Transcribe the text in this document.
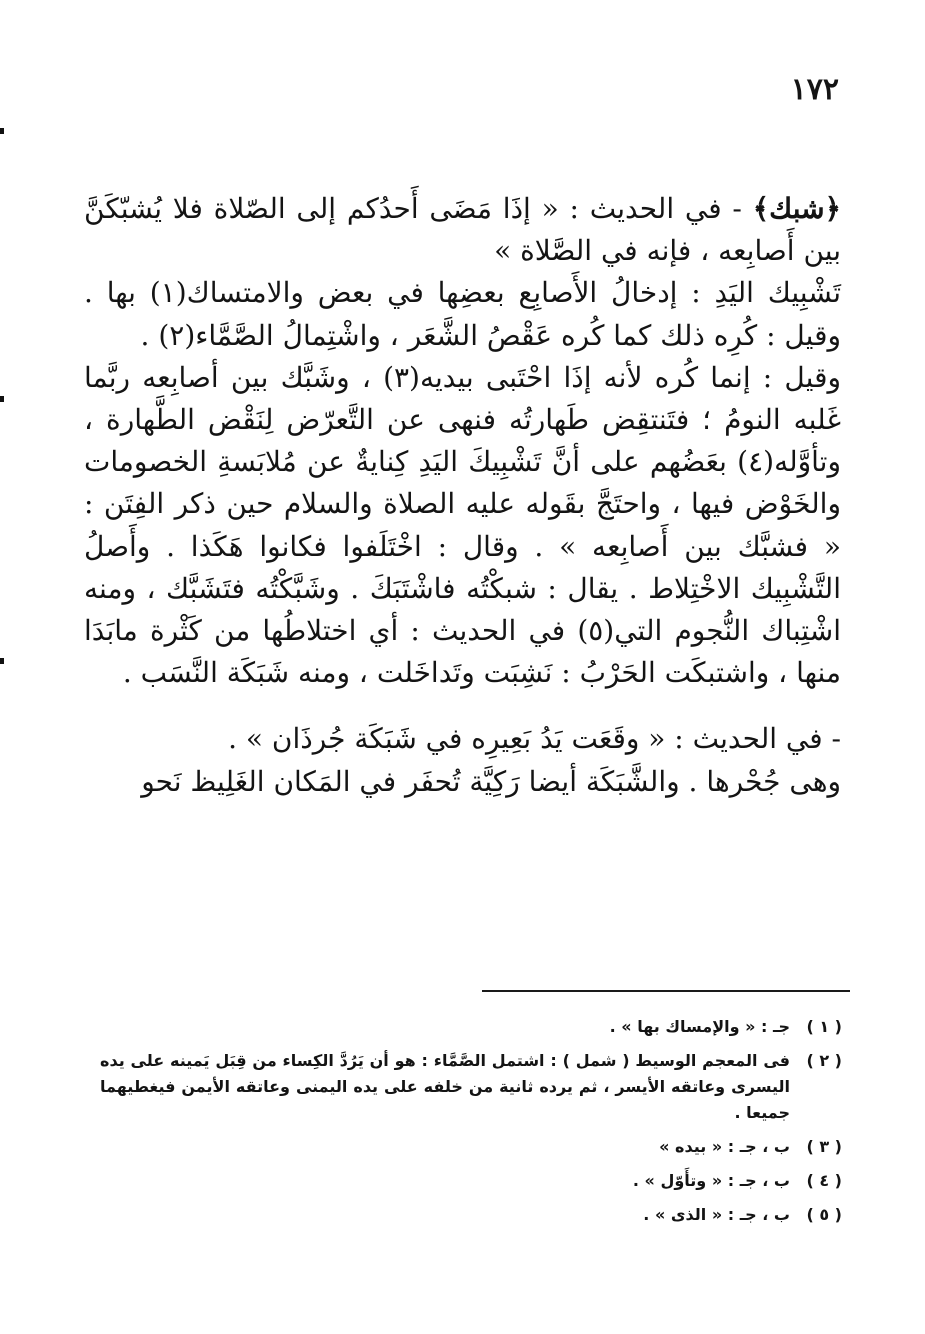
١٧٢

﴿شبك﴾ - في الحديث : « إذَا مَضَى أَحدُكم إلى الصّلاة فلا يُشبّكَنَّ بين أَصابِعه ، فإنه في الصَّلاة »

تَشْبِيك اليَدِ : إدخالُ الأَصابِع بعضِها في بعض والامتساك(١) بها . وقيل : كُرِه ذلك كما كُره عَقْصُ الشَّعَر ، واشْتِمالُ الصَّمَّاء(٢) .

وقيل : إنما كُره لأنه إذَا احْتَبى بيديه(٣) ، وشَبَّك بين أصابِعه ربَّما غَلبه النومُ ؛ فتَنتقِض طَهارتُه فنهى عن التَّعرّض لِنَقْض الطَّهارة ، وتأوَّله(٤) بعَضُهم على أنَّ تَشْبِيكَ اليَدِ كِنايةٌ عن مُلابَسةِ الخصومات والخَوْض فيها ، واحتَجَّ بقَوله عليه الصلاة والسلام حين ذكر الفِتَن : « فشبَّك بين أَصابِعه » . وقال : اخْتَلَفوا فكانوا هَكَذا . وأَصلُ التَّشْبِيك الاخْتِلاط . يقال : شبكْتُه فاشْتَبَكَ . وشَبَّكْتُه فتَشَبَّك ، ومنه اشْتِباك النُّجوم التي(٥) في الحديث : أي اختلاطُها من كَثْرة مابَدَا منها ، واشتبكَت الحَرْبُ : نَشِبَت وتَداخَلت ، ومنه شَبَكَة النَّسَب .

- في الحديث : « وقَعَت يَدُ بَعِيرِه في شَبَكَة جُرذَان » .

وهى جُحْرها . والشَّبَكَة أيضا رَكِيَّة تُحفَر في المَكان الغَلِيظ نَحو

( ١ )
جـ : « والإمساك بها » .
( ٢ )
فى المعجم الوسيط ( شمل ) : اشتمل الصَّمَّاء : هو أن يَرُدَّ الكِساء من قِبَل يَمينه على يده اليسرى وعاتقه الأيسر ، ثم يرده ثانية من خلفه على يده اليمنى وعاتقه الأيمن فيغطيهما جميعا .
( ٣ )
ب ، جـ : « بيده »
( ٤ )
ب ، جـ : « وتأَوّل » .
( ٥ )
ب ، جـ : « الذى » .
